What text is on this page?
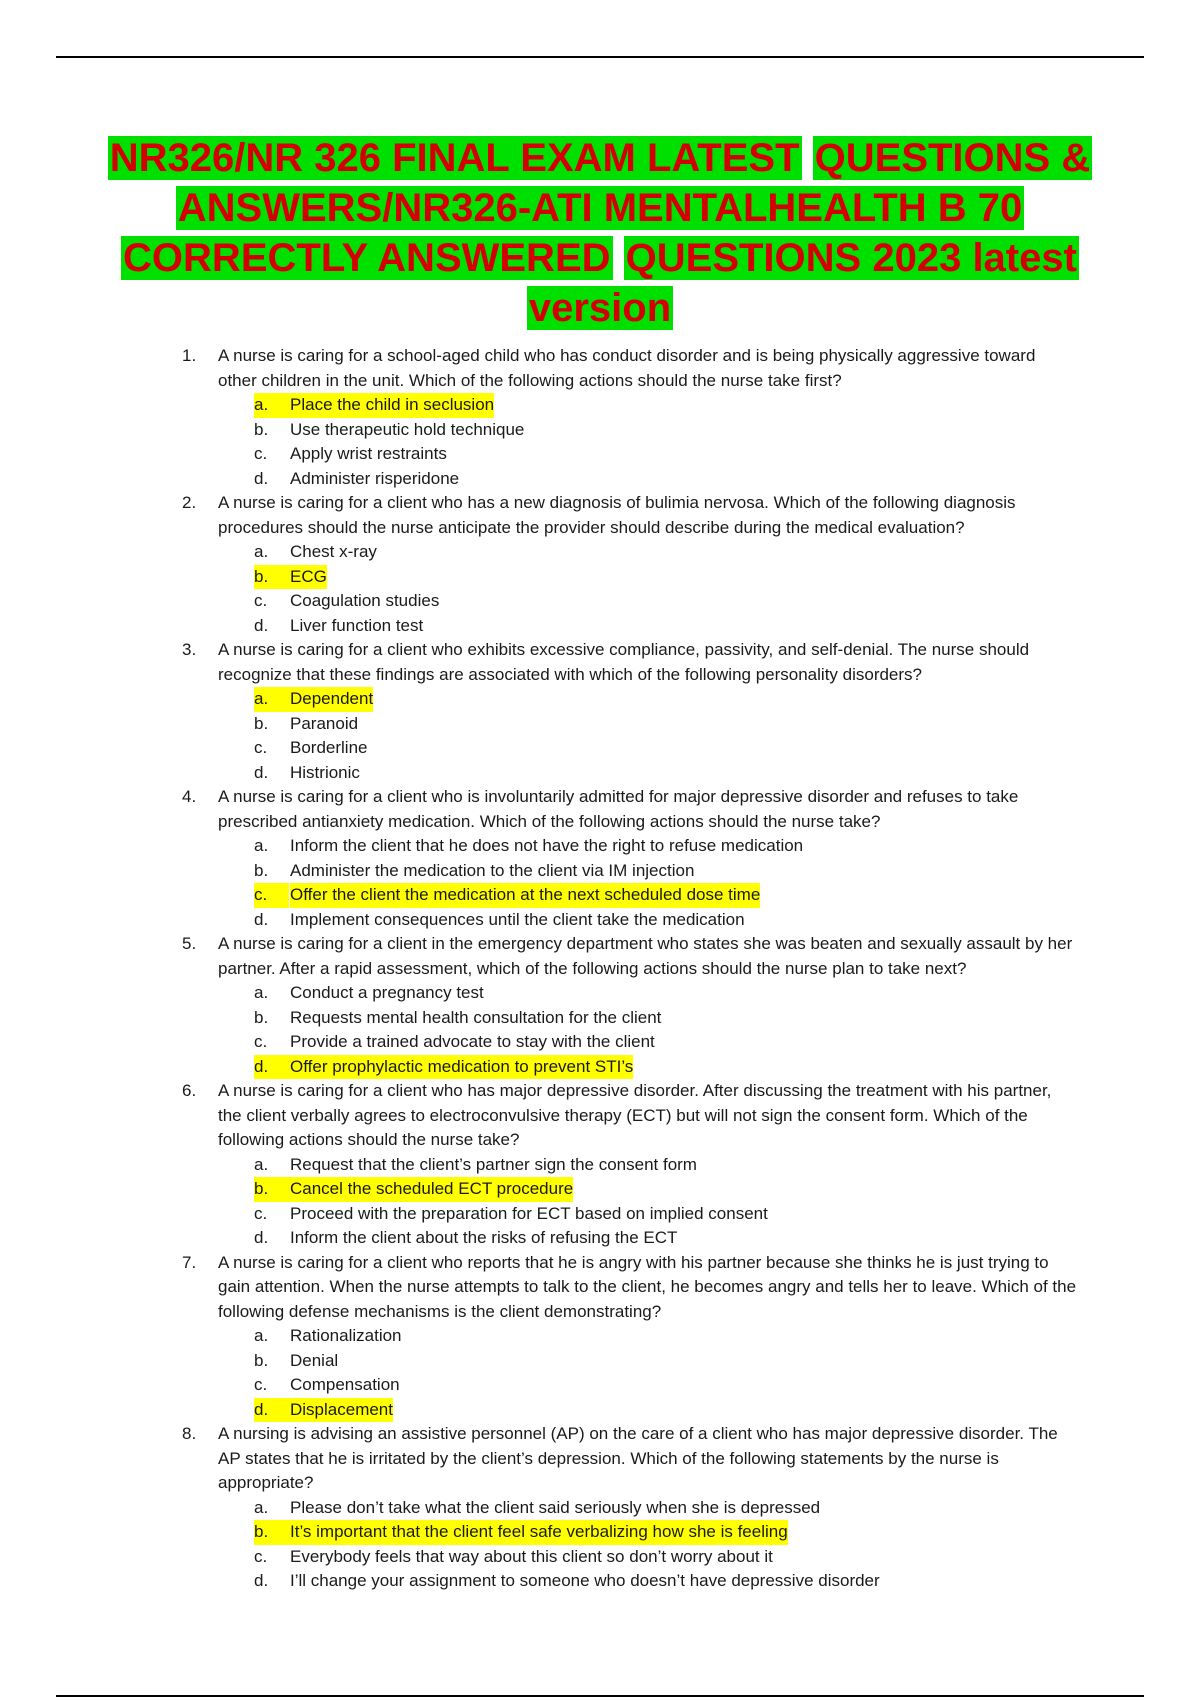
NR326/NR 326 FINAL EXAM LATEST QUESTIONS &
ANSWERS/NR326-ATI MENTALHEALTH B 70
CORRECTLY ANSWERED QUESTIONS 2023 latest
version
1.	A nurse is caring for a school-aged child who has conduct disorder and is being physically aggressive toward other children in the unit. Which of the following actions should the nurse take first?
a.	Place the child in seclusion
b. Use therapeutic hold technique
c. Apply wrist restraints
d. Administer risperidone
2.	A nurse is caring for a client who has a new diagnosis of bulimia nervosa. Which of the following diagnosis procedures should the nurse anticipate the provider should describe during the medical evaluation?
a. Chest x-ray
b.	ECG
c. Coagulation studies
d. Liver function test
3.	A nurse is caring for a client who exhibits excessive compliance, passivity, and self-denial. The nurse should recognize that these findings are associated with which of the following personality disorders?
a.	Dependent
b. Paranoid
c. Borderline
d. Histrionic
4.	A nurse is caring for a client who is involuntarily admitted for major depressive disorder and refuses to take prescribed antianxiety medication. Which of the following actions should the nurse take?
a. Inform the client that he does not have the right to refuse medication
b. Administer the medication to the client via IM injection
c.	Offer the client the medication at the next scheduled dose time
d. Implement consequences until the client take the medication
5.	A nurse is caring for a client in the emergency department who states she was beaten and sexually assault by her partner. After a rapid assessment, which of the following actions should the nurse plan to take next?
a. Conduct a pregnancy test
b. Requests mental health consultation for the client
c. Provide a trained advocate to stay with the client
d.	Offer prophylactic medication to prevent STI’s
6.	A nurse is caring for a client who has major depressive disorder. After discussing the treatment with his partner, the client verbally agrees to electroconvulsive therapy (ECT) but will not sign the consent form. Which of the following actions should the nurse take?
a. Request that the client’s partner sign the consent form
b.	Cancel the scheduled ECT procedure
c. Proceed with the preparation for ECT based on implied consent
d. Inform the client about the risks of refusing the ECT
7.	A nurse is caring for a client who reports that he is angry with his partner because she thinks he is just trying to gain attention. When the nurse attempts to talk to the client, he becomes angry and tells her to leave. Which of the following defense mechanisms is the client demonstrating?
a. Rationalization
b. Denial
c. Compensation
d.	Displacement
8.	A nursing is advising an assistive personnel (AP) on the care of a client who has major depressive disorder. The AP states that he is irritated by the client’s depression. Which of the following statements by the nurse is appropriate?
a. Please don’t take what the client said seriously when she is depressed
b.	It’s important that the client feel safe verbalizing how she is feeling
c. Everybody feels that way about this client so don’t worry about it
d. I’ll change your assignment to someone who doesn’t have depressive disorder
